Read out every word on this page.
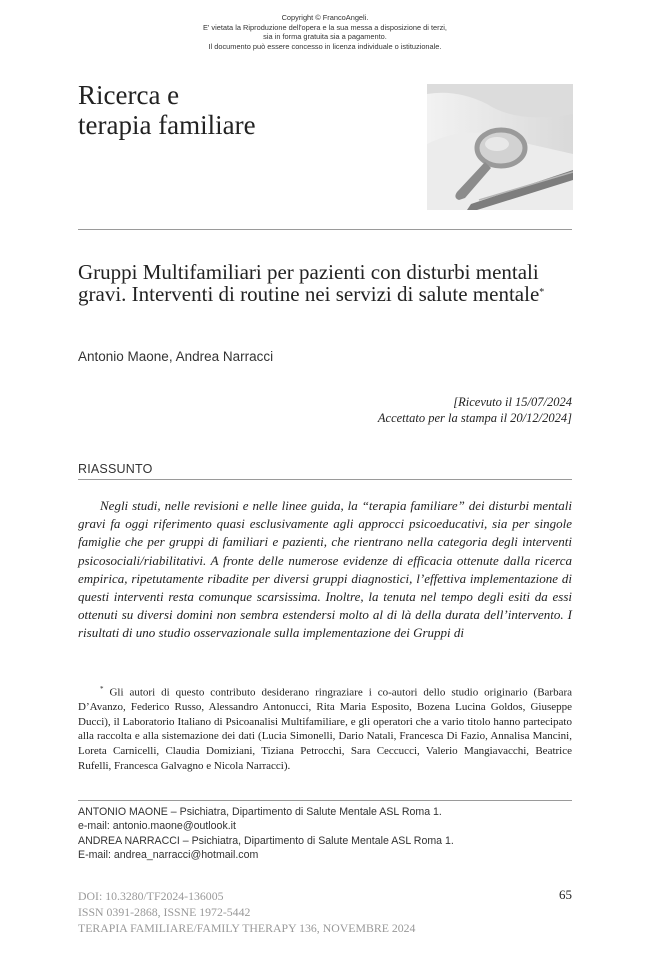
Copyright © FrancoAngeli.
E' vietata la Riproduzione dell'opera e la sua messa a disposizione di terzi,
sia in forma gratuita sia a pagamento.
Il documento può essere concesso in licenza individuale o istituzionale.
Ricerca e
terapia familiare
Gruppi Multifamiliari per pazienti con disturbi mentali gravi. Interventi di routine nei servizi di salute mentale*
Antonio Maone, Andrea Narracci
[Ricevuto il 15/07/2024
Accettato per la stampa il 20/12/2024]
RIASSUNTO

Negli studi, nelle revisioni e nelle linee guida, la “terapia familiare” dei disturbi mentali gravi fa oggi riferimento quasi esclusivamente agli approcci psicoeducativi, sia per singole famiglie che per gruppi di familiari e pazienti, che rientrano nella categoria degli interventi psicosociali/riabilitativi. A fronte delle numerose evidenze di efficacia ottenute dalla ricerca empirica, ripetutamente ribadite per diversi gruppi diagnostici, l’effettiva implementazione di questi interventi resta comunque scarsissima. Inoltre, la tenuta nel tempo degli esiti da essi ottenuti su diversi domini non sembra estendersi molto al di là della durata dell’intervento. I risultati di uno studio osservazionale sulla implementazione dei Gruppi di

* Gli autori di questo contributo desiderano ringraziare i co-autori dello studio originario (Barbara D’Avanzo, Federico Russo, Alessandro Antonucci, Rita Maria Esposito, Bozena Lucina Goldos, Giuseppe Ducci), il Laboratorio Italiano di Psicoanalisi Multifamiliare, e gli operatori che a vario titolo hanno partecipato alla raccolta e alla sistemazione dei dati (Lucia Simonelli, Dario Natali, Francesca Di Fazio, Annalisa Mancini, Loreta Carnicelli, Claudia Domiziani, Tiziana Petrocchi, Sara Ceccucci, Valerio Mangiavacchi, Beatrice Rufelli, Francesca Galvagno e Nicola Narracci).

ANTONIO MAONE – Psichiatra, Dipartimento di Salute Mentale ASL Roma 1.
e-mail: antonio.maone@outlook.it
ANDREA NARRACCI – Psichiatra, Dipartimento di Salute Mentale ASL Roma 1.
E-mail: andrea_narracci@hotmail.com
DOI: 10.3280/TF2024-136005
ISSN 0391-2868, ISSNE 1972-5442
TERAPIA FAMILIARE/FAMILY THERAPY 136, NOVEMBRE 2024
65
